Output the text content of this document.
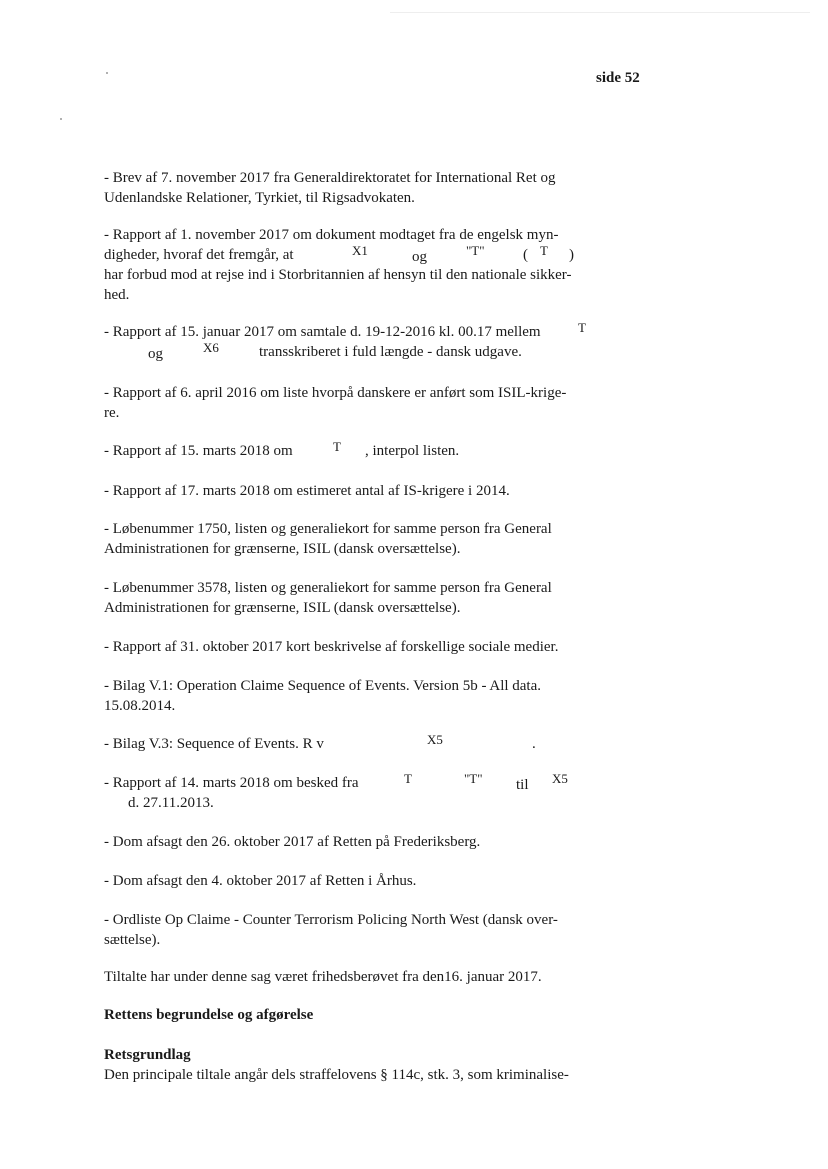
side 52
- Brev af 7. november 2017 fra Generaldirektoratet for International Ret og
Udenlandske Relationer, Tyrkiet, til Rigsadvokaten.
- Rapport af 1. november 2017 om dokument modtaget fra de engelsk myn-
digheder, hvoraf det fremgår, at	X1	og	"T"	( T )
har forbud mod at rejse ind i Storbritannien af hensyn til den nationale sikker-
hed.
- Rapport af 15. januar 2017 om samtale d. 19-12-2016 kl. 00.17 mellem	T
og	X6	transskriberet i fuld længde - dansk udgave.
- Rapport af 6. april 2016 om liste hvorpå danskere er anført som ISIL-krige-
re.
- Rapport af 15. marts 2018 om	T , interpol listen.
- Rapport af 17. marts 2018 om estimeret antal af IS-krigere i 2014.
- Løbenummer 1750, listen og generaliekort for samme person fra General
Administrationen for grænserne, ISIL (dansk oversættelse).
- Løbenummer 3578, listen og generaliekort for samme person fra General
Administrationen for grænserne, ISIL (dansk oversættelse).
- Rapport af 31. oktober 2017 kort beskrivelse af forskellige sociale medier.
- Bilag V.1: Operation Claime Sequence of Events. Version 5b - All data.
15.08.2014.
- Bilag V.3: Sequence of Events. R v	X5	.
- Rapport af 14. marts 2018 om besked fra	T	"T" til X5
d. 27.11.2013.
- Dom afsagt den 26. oktober 2017 af Retten på Frederiksberg.
- Dom afsagt den 4. oktober 2017 af Retten i Århus.
- Ordliste Op Claime - Counter Terrorism Policing North West (dansk over-
sættelse).
Tiltalte har under denne sag været frihedsberøvet fra den16. januar 2017.
Rettens begrundelse og afgørelse
Retsgrundlag
Den principale tiltale angår dels straffelovens § 114c, stk. 3, som kriminalise-
